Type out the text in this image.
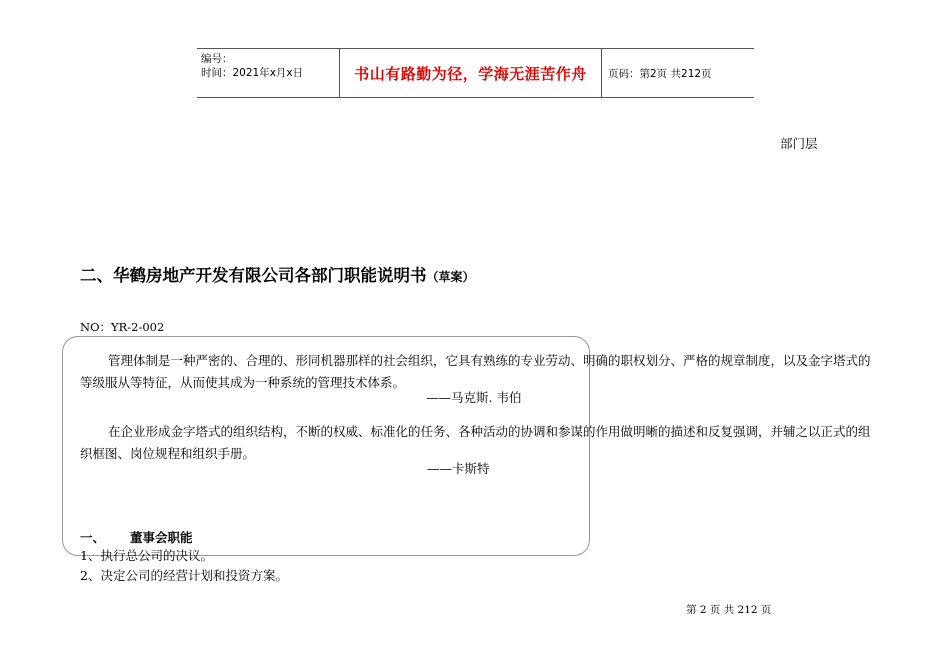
编号：
时间：2021年x月x日	书山有路勤为径，学海无涯苦作舟 页码：第2页 共212页
部门层
二、华鹤房地产开发有限公司各部门职能说明书（草案）
NO：YR-2-002
管理体制是一种严密的、合理的、形同机器那样的社会组织，它具有熟练的专业劳动、明确的职权划分、严格的规章制度，以及金字塔式的等级服从等特征，从而使其成为一种系统的管理技术体系。
——马克斯. 韦伯
在企业形成金字塔式的组织结构，不断的权威、标准化的任务、各种活动的协调和参谋的作用做明晰的描述和反复强调，并辅之以正式的组织框图、岗位规程和组织手册。
——卡斯特
一、 董事会职能
1、执行总公司的决议。
2、决定公司的经营计划和投资方案。
第 2 页 共 212 页
